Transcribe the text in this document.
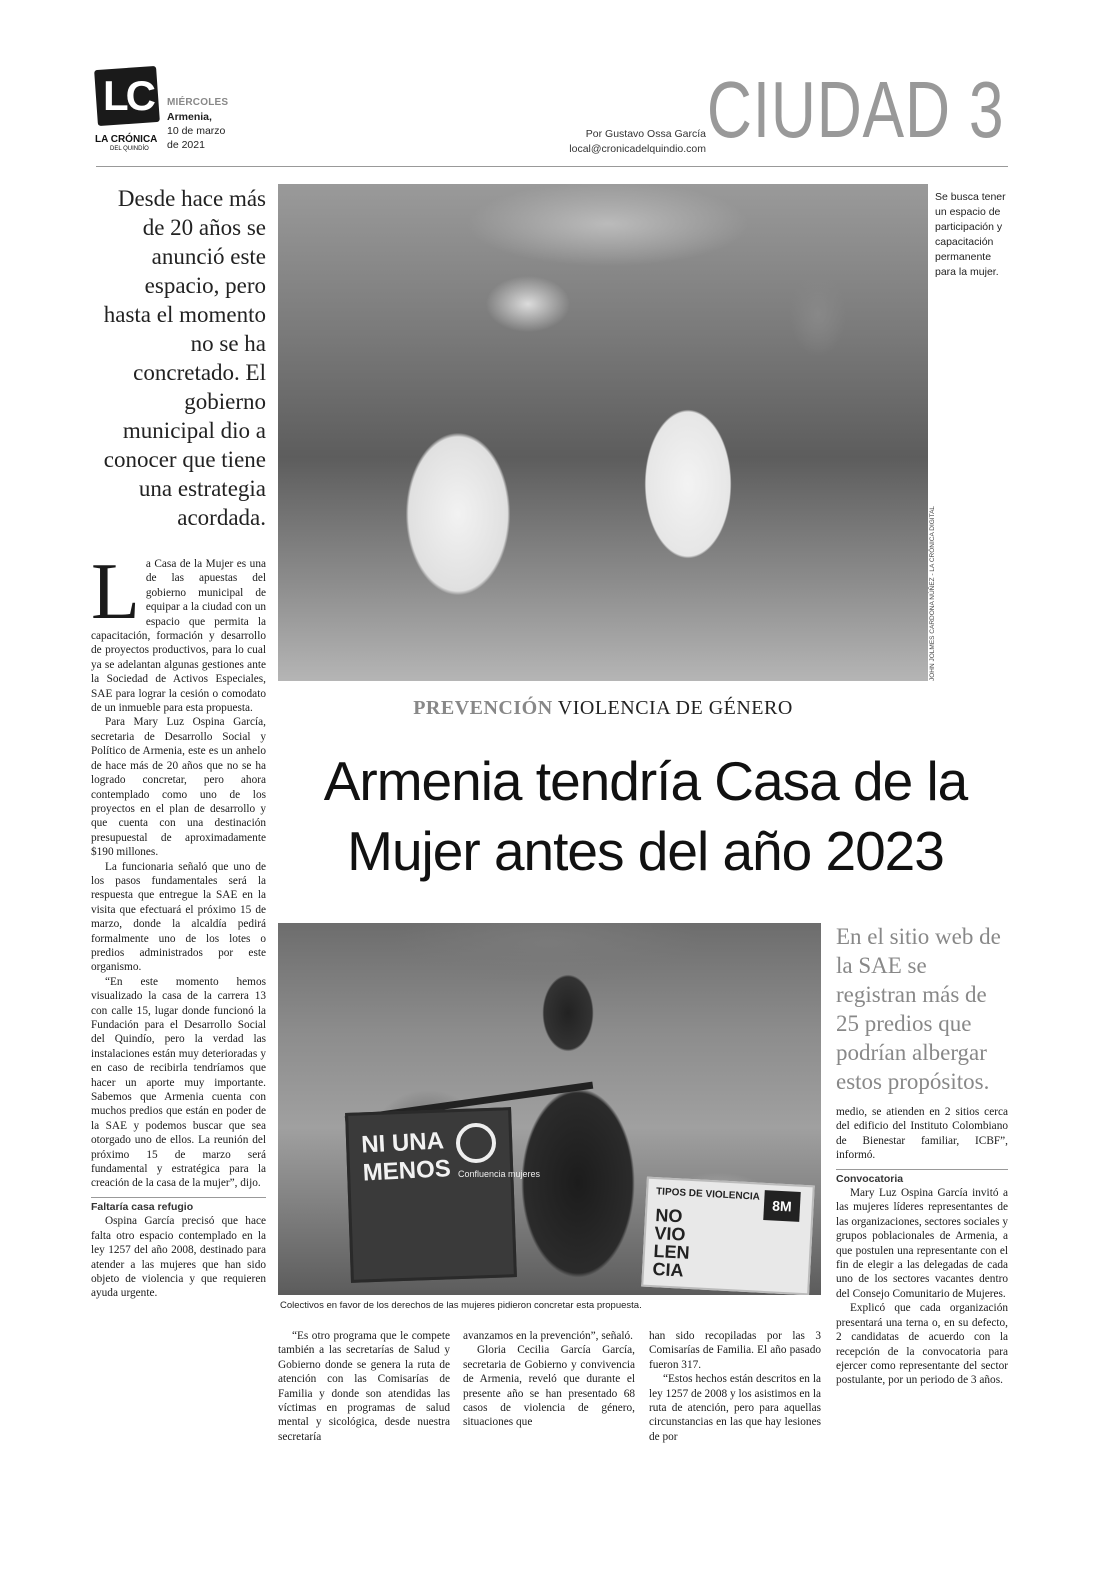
LC
LA CRÓNICA
DEL QUINDÍO
MIÉRCOLES
Armenia,
10 de marzo
de 2021
Por Gustavo Ossa García
local@cronicadelquindio.com CIUDAD 3
Desde hace más de 20 años se anunció este espacio, pero hasta el momento no se ha concretado. El gobierno municipal dio a conocer que tiene una estrategia acordada.	JOHN JOLMES CARDONA NÚÑEZ - LA CRÓNICA DIGITAL
Se busca tener un espacio de participación y capacitación permanente para la mujer.
PREVENCIÓN VIOLENCIA DE GÉNERO
Armenia tendría Casa de la Mujer antes del año 2023
NI UNA MENOS Confluencia mujeres
TIPOS DE VIOLENCIA
NO VIO LEN CIA
8M
Colectivos en favor de los derechos de las mujeres pidieron concretar esta propuesta.
En el sitio web de la SAE se registran más de 25 predios que podrían albergar estos propósitos.

La Casa de la Mujer es una de las apuestas del gobierno municipal de equipar a la ciudad con un espacio que permita la capacitación, formación y desarrollo de proyectos productivos, para lo cual ya se adelantan algunas gestiones ante la Sociedad de Activos Especiales, SAE para lograr la cesión o comodato de un inmueble para esta propuesta.

Para Mary Luz Ospina García, secretaria de Desarrollo Social y Político de Armenia, este es un anhelo de hace más de 20 años que no se ha logrado concretar, pero ahora contemplado como uno de los proyectos en el plan de desarrollo y que cuenta con una destinación presupuestal de aproximadamente $190 millones.

La funcionaria señaló que uno de los pasos fundamentales será la respuesta que entregue la SAE en la visita que efectuará el próximo 15 de marzo, donde la alcaldía pedirá formalmente uno de los lotes o predios administrados por este organismo.

“En este momento hemos visualizado la casa de la carrera 13 con calle 15, lugar donde funcionó la Fundación para el Desarrollo Social del Quindío, pero la verdad las instalaciones están muy deterioradas y en caso de recibirla tendríamos que hacer un aporte muy importante. Sabemos que Armenia cuenta con muchos predios que están en poder de la SAE y podemos buscar que sea otorgado uno de ellos. La reunión del próximo 15 de marzo será fundamental y estratégica para la creación de la casa de la mujer”, dijo.

Faltaría casa refugio

Ospina García precisó que hace falta otro espacio contemplado en la ley 1257 del año 2008, destinado para atender a las mujeres que han sido objeto de violencia y que requieren ayuda urgente.

“Es otro programa que le compete también a las secretarías de Salud y Gobierno donde se genera la ruta de atención con las Comisarías de Familia y donde son atendidas las víctimas en programas de salud mental y sicológica, desde nuestra secretaría

avanzamos en la prevención”, señaló.

Gloria Cecilia García García, secretaria de Gobierno y convivencia de Armenia, reveló que durante el presente año se han presentado 68 casos de violencia de género, situaciones que

han sido recopiladas por las 3 Comisarías de Familia. El año pasado fueron 317.

“Estos hechos están descritos en la ley 1257 de 2008 y los asistimos en la ruta de atención, pero para aquellas circunstancias en las que hay lesiones de por

medio, se atienden en 2 sitios cerca del edificio del Instituto Colombiano de Bienestar familiar, ICBF”, informó.

Convocatoria

Mary Luz Ospina García invitó a las mujeres líderes representantes de las organizaciones, sectores sociales y grupos poblacionales de Armenia, a que postulen una representante con el fin de elegir a las delegadas de cada uno de los sectores vacantes dentro del Consejo Comunitario de Mujeres.

Explicó que cada organización presentará una terna o, en su defecto, 2 candidatas de acuerdo con la recepción de la convocatoria para ejercer como representante del sector postulante, por un periodo de 3 años.
